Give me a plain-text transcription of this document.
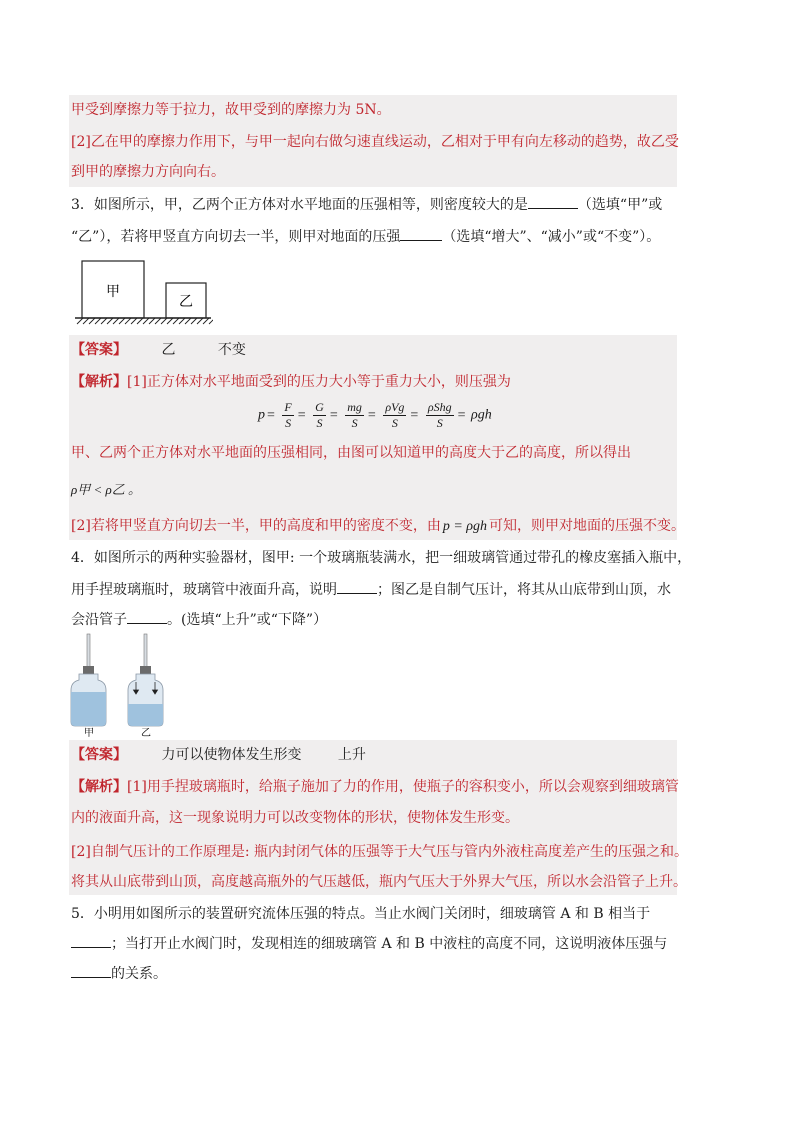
甲受到摩擦力等于拉力，故甲受到的摩擦力为 5N。
[2]乙在甲的摩擦力作用下，与甲一起向右做匀速直线运动，乙相对于甲有向左移动的趋势，故乙受
到甲的摩擦力方向向右。
3．如图所示，甲，乙两个正方体对水平地面的压强相等，则密度较大的是	（选填“甲”或
“乙”），若将甲竖直方向切去一半，则甲对地面的压强	（选填“增大”、“减小”或“不变”）。
甲
乙
【答案】 乙	不变
【解析】[1]正方体对水平地面受到的压力大小等于重力大小，则压强为
$p = \frac{F}{S} = \frac{G}{S} = \frac{mg}{S} = \frac{\text{ρVg}}{S} = \frac{\text{ρShg}}{S} = \rho gh$
甲、乙两个正方体对水平地面的压强相同，由图可以知道甲的高度大于乙的高度，所以得出
ρ甲 < ρ乙 。
[2]若将甲竖直方向切去一半，甲的高度和甲的密度不变，由 p = ρgh 可知，则甲对地面的压强不变。
4．如图所示的两种实验器材，图甲: 一个玻璃瓶装满水，把一细玻璃管通过带孔的橡皮塞插入瓶中，
用手捏玻璃瓶时，玻璃管中液面升高，说明	；图乙是自制气压计，将其从山底带到山顶，水
会沿管子	。(选填“上升”或“下降”）
甲	乙
【答案】 力可以使物体发生形变	上升
【解析】[1]用手捏玻璃瓶时，给瓶子施加了力的作用，使瓶子的容积变小，所以会观察到细玻璃管
内的液面升高，这一现象说明力可以改变物体的形状，使物体发生形变。
[2]自制气压计的工作原理是: 瓶内封闭气体的压强等于大气压与管内外液柱高度差产生的压强之和。
将其从山底带到山顶，高度越高瓶外的气压越低，瓶内气压大于外界大气压，所以水会沿管子上升。
5．小明用如图所示的装置研究流体压强的特点。当止水阀门关闭时，细玻璃管 A 和 B 相当于
；当打开止水阀门时，发现相连的细玻璃管 A 和 B 中液柱的高度不同，这说明液体压强与
的关系。
